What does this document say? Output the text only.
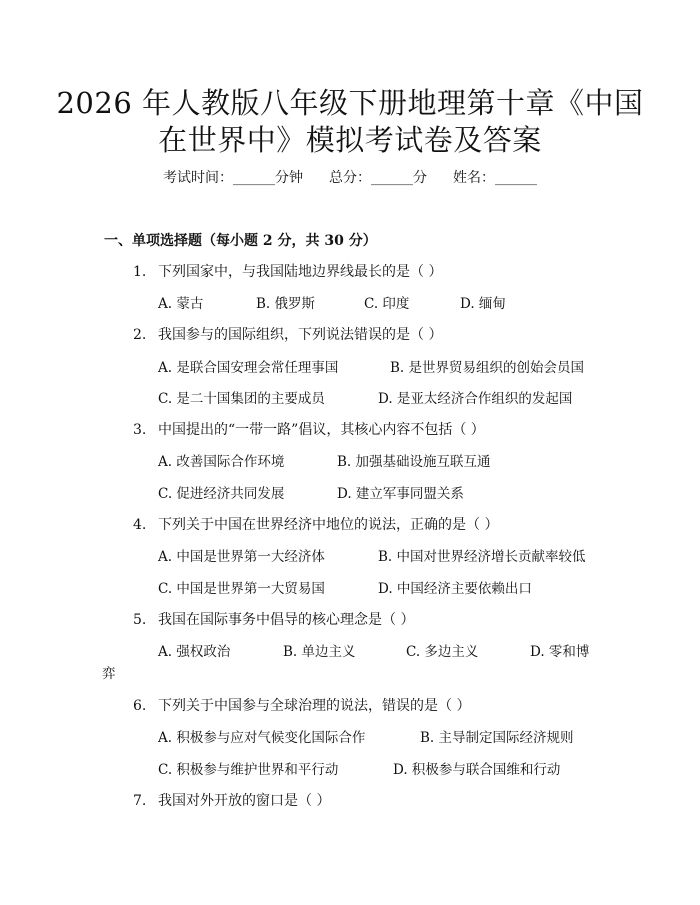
2026 年人教版八年级下册地理第十章《中国
在世界中》模拟考试卷及答案
考试时间：______分钟 总分：______分 姓名：______
一、单项选择题（每小题 2 分，共 30 分）
1. 下列国家中，与我国陆地边界线最长的是（ ）
A. 蒙古	B. 俄罗斯	C. 印度	D. 缅甸
2. 我国参与的国际组织，下列说法错误的是（ ）
A. 是联合国安理会常任理事国	B. 是世界贸易组织的创始会员国
C. 是二十国集团的主要成员	D. 是亚太经济合作组织的发起国
3. 中国提出的“一带一路”倡议，其核心内容不包括（ ）
A. 改善国际合作环境	B. 加强基础设施互联互通
C. 促进经济共同发展	D. 建立军事同盟关系
4. 下列关于中国在世界经济中地位的说法，正确的是（ ）
A. 中国是世界第一大经济体	B. 中国对世界经济增长贡献率较低
C. 中国是世界第一大贸易国	D. 中国经济主要依赖出口
5. 我国在国际事务中倡导的核心理念是（ ）
A. 强权政治	B. 单边主义	C. 多边主义	D. 零和博
弈
6. 下列关于中国参与全球治理的说法，错误的是（ ）
A. 积极参与应对气候变化国际合作	B. 主导制定国际经济规则
C. 积极参与维护世界和平行动	D. 积极参与联合国维和行动
7. 我国对外开放的窗口是（ ）
